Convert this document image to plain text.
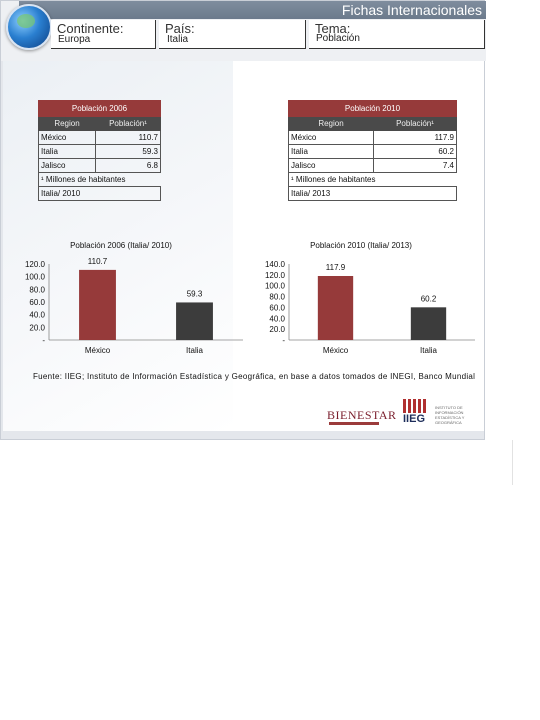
Fichas Internacionales
Continente:
Europa
País:
Italia
Tema:
Población
Población 2006	
Region	Población¹
México	110.7
Italia	59.3
Jalisco	6.8
¹ Millones de habitantes	
Italia/ 2010	
Población 2010	
Region	Población¹
México	117.9
Italia	60.2
Jalisco	7.4
¹ Millones de habitantes	
Italia/ 2013	
Población 2006 (Italia/ 2010)
120.0
100.0
80.0
60.0
40.0
20.0
-
110.7
México
59.3
Italia
Población 2010 (Italia/ 2013)
140.0
120.0
100.0
80.0
60.0
40.0
20.0
-
117.9
México
60.2
Italia
Fuente: IIEG; Instituto de Información Estadística y Geográfica, en base a datos tomados de INEGI, Banco Mundial
BIENESTAR IIEG
INSTITUTO DE INFORMACIÓN ESTADÍSTICA Y GEOGRÁFICA
